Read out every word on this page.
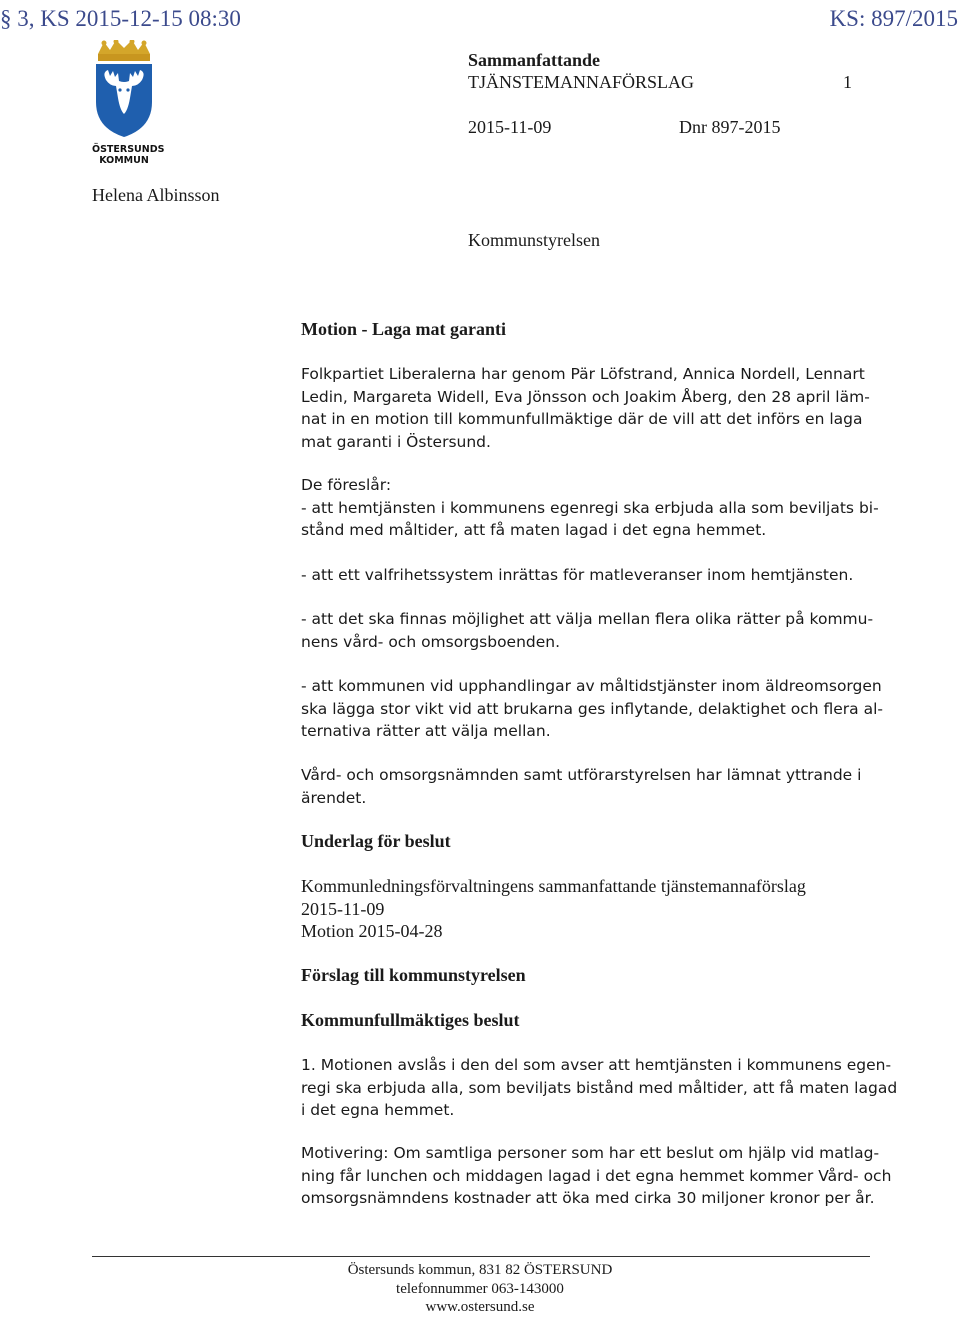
§ 3, KS 2015-12-15 08:30	KS: 897/2015
ÖSTERSUNDS
KOMMUN
Sammanfattande
TJÄNSTEMANNAFÖRSLAG	1
2015-11-09	Dnr 897-2015
Helena Albinsson
Kommunstyrelsen
Motion - Laga mat garanti
Folkpartiet Liberalerna har genom Pär Löfstrand, Annica Nordell, Lennart
Ledin, Margareta Widell, Eva Jönsson och Joakim Åberg, den 28 april läm-
nat in en motion till kommunfullmäktige där de vill att det införs en laga
mat garanti i Östersund.
De föreslår:
- att hemtjänsten i kommunens egenregi ska erbjuda alla som beviljats bi-
stånd med måltider, att få maten lagad i det egna hemmet.
- att ett valfrihetssystem inrättas för matleveranser inom hemtjänsten.
- att det ska finnas möjlighet att välja mellan flera olika rätter på kommu-
nens vård- och omsorgsboenden.
- att kommunen vid upphandlingar av måltidstjänster inom äldreomsorgen
ska lägga stor vikt vid att brukarna ges inflytande, delaktighet och flera al-
ternativa rätter att välja mellan.
Vård- och omsorgsnämnden samt utförarstyrelsen har lämnat yttrande i
ärendet.
Underlag för beslut
Kommunledningsförvaltningens sammanfattande tjänstemannaförslag
2015-11-09
Motion 2015-04-28
Förslag till kommunstyrelsen
Kommunfullmäktiges beslut
1. Motionen avslås i den del som avser att hemtjänsten i kommunens egen-
regi ska erbjuda alla, som beviljats bistånd med måltider, att få maten lagad
i det egna hemmet.
Motivering: Om samtliga personer som har ett beslut om hjälp vid matlag-
ning får lunchen och middagen lagad i det egna hemmet kommer Vård- och
omsorgsnämndens kostnader att öka med cirka 30 miljoner kronor per år.
Östersunds kommun, 831 82 ÖSTERSUND
telefonnummer 063-143000
www.ostersund.se
